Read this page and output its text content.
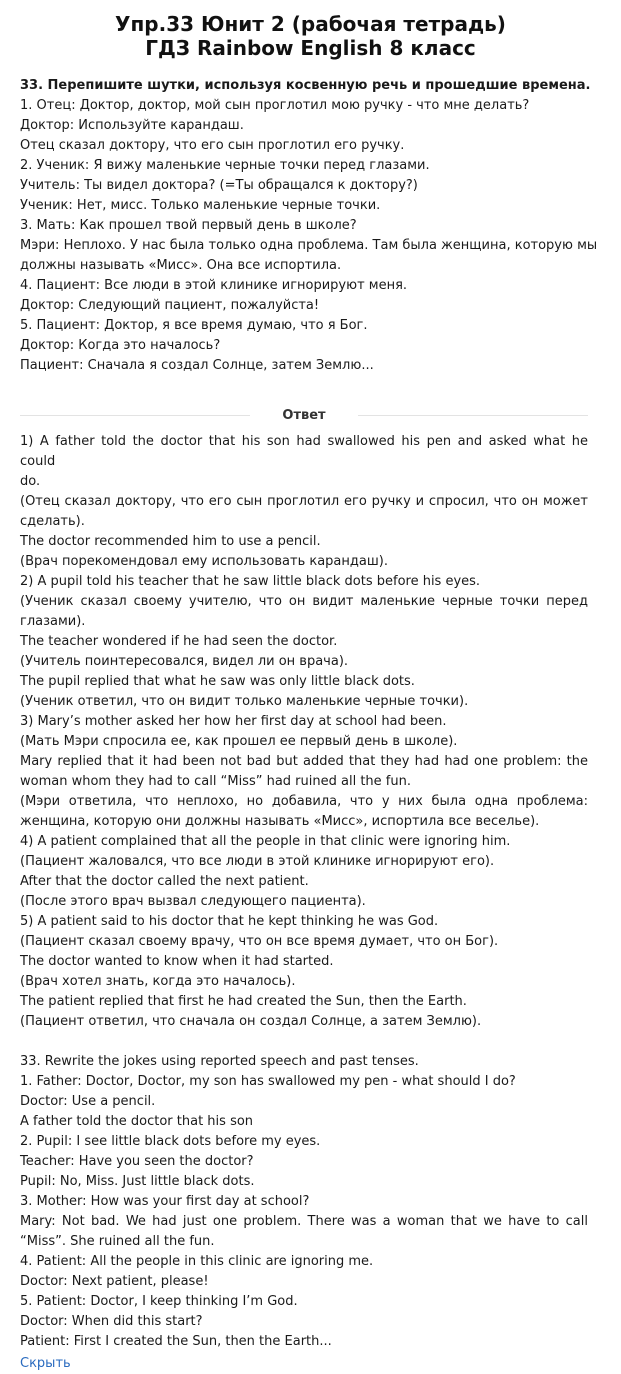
Упр.33 Юнит 2 (рабочая тетрадь)
ГДЗ Rainbow English 8 класс

33. Перепишите шутки, используя косвенную речь и прошедшие времена.

1. Отец: Доктор, доктор, мой сын проглотил мою ручку - что мне делать?

Доктор: Используйте карандаш.

Отец сказал доктору, что его сын проглотил его ручку.

2. Ученик: Я вижу маленькие черные точки перед глазами.

Учитель: Ты видел доктора? (=Ты обращался к доктору?)

Ученик: Нет, мисс. Только маленькие черные точки.

3. Мать: Как прошел твой первый день в школе?

Мэри: Неплохо. У нас была только одна проблема. Там была женщина, которую мы

должны называть «Мисс». Она все испортила.

4. Пациент: Все люди в этой клинике игнорируют меня.

Доктор: Следующий пациент, пожалуйста!

5. Пациент: Доктор, я все время думаю, что я Бог.

Доктор: Когда это началось?

Пациент: Сначала я создал Солнце, затем Землю...

Ответ

1) A father told the doctor that his son had swallowed his pen and asked what he could

do.

(Отец сказал доктору, что его сын проглотил его ручку и спросил, что он может

сделать).

The doctor recommended him to use a pencil.

(Врач порекомендовал ему использовать карандаш).

2) A pupil told his teacher that he saw little black dots before his eyes.

(Ученик сказал своему учителю, что он видит маленькие черные точки перед

глазами).

The teacher wondered if he had seen the doctor.

(Учитель поинтересовался, видел ли он врача).

The pupil replied that what he saw was only little black dots.

(Ученик ответил, что он видит только маленькие черные точки).

3) Mary’s mother asked her how her first day at school had been.

(Мать Мэри спросила ее, как прошел ее первый день в школе).

Mary replied that it had been not bad but added that they had had one problem: the

woman whom they had to call “Miss” had ruined all the fun.

(Мэри ответила, что неплохо, но добавила, что у них была одна проблема:

женщина, которую они должны называть «Мисс», испортила все веселье).

4) A patient complained that all the people in that clinic were ignoring him.

(Пациент жаловался, что все люди в этой клинике игнорируют его).

After that the doctor called the next patient.

(После этого врач вызвал следующего пациента).

5) A patient said to his doctor that he kept thinking he was God.

(Пациент сказал своему врачу, что он все время думает, что он Бог).

The doctor wanted to know when it had started.

(Врач хотел знать, когда это началось).

The patient replied that first he had created the Sun, then the Earth.

(Пациент ответил, что сначала он создал Солнце, а затем Землю).

33. Rewrite the jokes using reported speech and past tenses.

1. Father: Doctor, Doctor, my son has swallowed my pen - what should I do?

Doctor: Use a pencil.

A father told the doctor that his son

2. Pupil: I see little black dots before my eyes.

Teacher: Have you seen the doctor?

Pupil: No, Miss. Just little black dots.

3. Mother: How was your first day at school?

Mary: Not bad. We had just one problem. There was a woman that we have to call

“Miss”. She ruined all the fun.

4. Patient: All the people in this clinic are ignoring me.

Doctor: Next patient, please!

5. Patient: Doctor, I keep thinking I’m God.

Doctor: When did this start?

Patient: First I created the Sun, then the Earth...

Скрыть
